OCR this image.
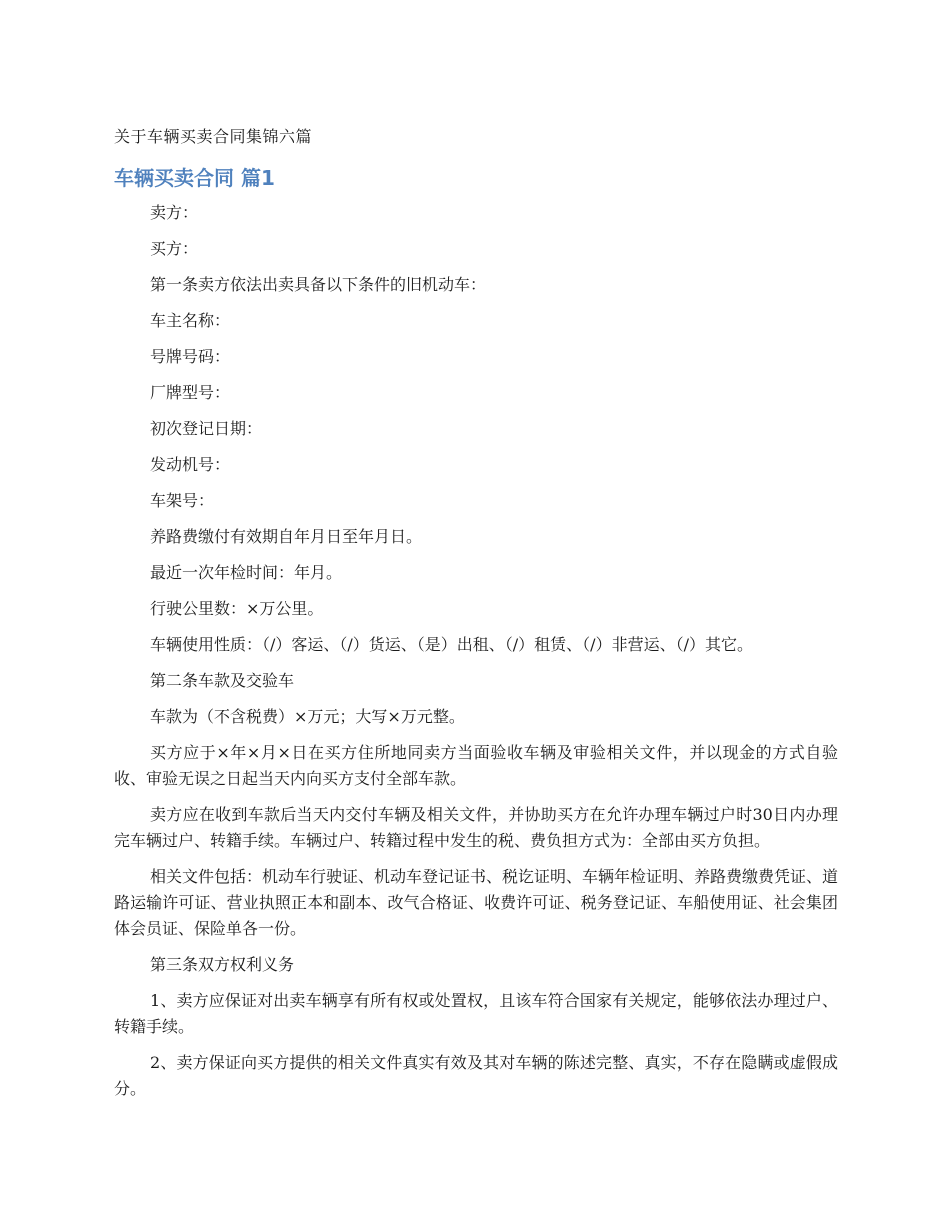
关于车辆买卖合同集锦六篇
车辆买卖合同 篇1

卖方：

买方：

第一条卖方依法出卖具备以下条件的旧机动车：

车主名称：

号牌号码：

厂牌型号：

初次登记日期：

发动机号：

车架号：

养路费缴付有效期自年月日至年月日。

最近一次年检时间：年月。

行驶公里数：×万公里。

车辆使用性质：（/）客运、（/）货运、（是）出租、（/）租赁、（/）非营运、（/）其它。

第二条车款及交验车

车款为（不含税费）×万元；大写×万元整。

买方应于×年×月×日在买方住所地同卖方当面验收车辆及审验相关文件，并以现金的方式自验收、审验无误之日起当天内向买方支付全部车款。

卖方应在收到车款后当天内交付车辆及相关文件，并协助买方在允许办理车辆过户时30日内办理完车辆过户、转籍手续。车辆过户、转籍过程中发生的税、费负担方式为：全部由买方负担。

相关文件包括：机动车行驶证、机动车登记证书、税讫证明、车辆年检证明、养路费缴费凭证、道路运输许可证、营业执照正本和副本、改气合格证、收费许可证、税务登记证、车船使用证、社会集团体会员证、保险单各一份。

第三条双方权利义务

1、卖方应保证对出卖车辆享有所有权或处置权，且该车符合国家有关规定，能够依法办理过户、转籍手续。

2、卖方保证向买方提供的相关文件真实有效及其对车辆的陈述完整、真实，不存在隐瞒或虚假成分。
